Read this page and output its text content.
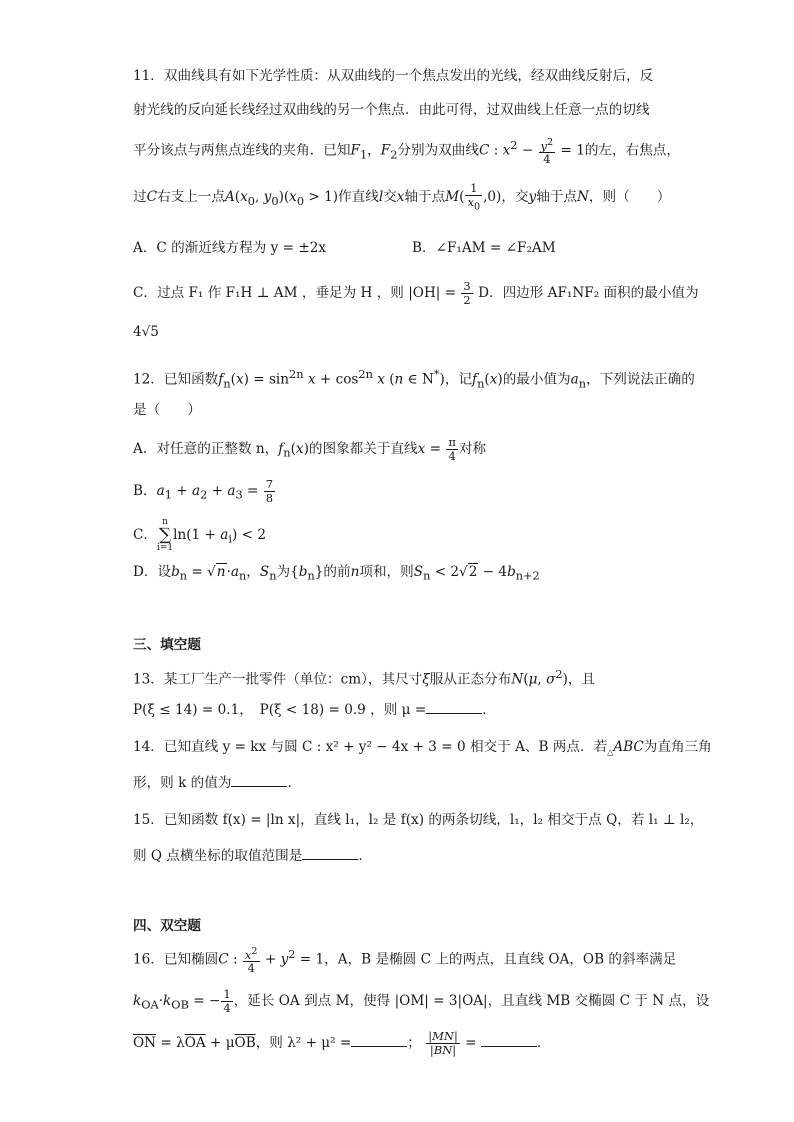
11．双曲线具有如下光学性质：从双曲线的一个焦点发出的光线，经双曲线反射后，反
射光线的反向延长线经过双曲线的另一个焦点．由此可得，过双曲线上任意一点的切线
平分该点与两焦点连线的夹角．已知$F_1$，$F_2$分别为双曲线C : $x^2 - \frac{y^2}{4} = 1$的左，右焦点，
过C右支上一点$A(x_0$, $y_0)(x_0 > 1)$作直线l交x轴于点$M( \frac{1}{x_0} ,0)$，交y轴于点N，则（　　）
A．C 的渐近线方程为 y = ±2x	B．∠F₁AM = ∠F₂AM
C．过点 F₁ 作 F₁H ⊥ AM ，垂足为 H ，则 $|OH| = \frac{3}{2}$ D．四边形 AF₁NF₂ 面积的最小值为
4√5
12．已知函数$f_n(x) = \sin^{2n} x + \cos^{2n} x$ (n ∈ N*)，记$f_n(x)$的最小值为$a_n$，下列说法正确的
是（　　）
A．对任意的正整数 n，$f_n(x)$的图象都关于直线$x = \frac{\pi}{4}$ 对称
B．$a_1 + a_2 + a_3 = \frac{7}{8}$
C．n
∑
$i=1\ln(1 + a_i) < 2$
D．设$b_n = √n\cdot a_n$，$S_n$为$\{b_n\}$的前n项和，则$S_n < 2√2 - 4b_{n+2}$
三、填空题
13．某工厂生产一批零件（单位：cm），其尺寸ξ服从正态分布N(μ, $\sigma^2$)，且
P(ξ ≤ 14) = 0.1，　P(ξ < 18) = 0.9 ，则 μ =	．
14．已知直线 y = kx 与圆 C : x² + y² − 4x + 3 = 0 相交于 A、B 两点．若$_\triangle$ABC为直角三角
形，则 k 的值为	．
15．已知函数 f(x) = |ln x|，直线 l₁，l₂ 是 f(x) 的两条切线，l₁，l₂ 相交于点 Q，若 l₁ ⊥ l₂，
则 Q 点横坐标的取值范围是	．
四、双空题
16．已知椭圆C : $\frac{x^2}{4} + y^2 = 1$，A，B 是椭圆 C 上的两点，且直线 OA，OB 的斜率满足
$k_{OA}\cdot k_{OB}$ = − $\frac{1}{4}$ ，延长 OA 到点 M，使得 |OM| = 3|OA|，且直线 MB 交椭圆 C 于 N 点，设
$\overline{ON} = \lambda\overline{OA} + \mu\overline{OB}$，则 λ² + μ² =	； $\frac{|MN|}{|BN|}$ =	．
